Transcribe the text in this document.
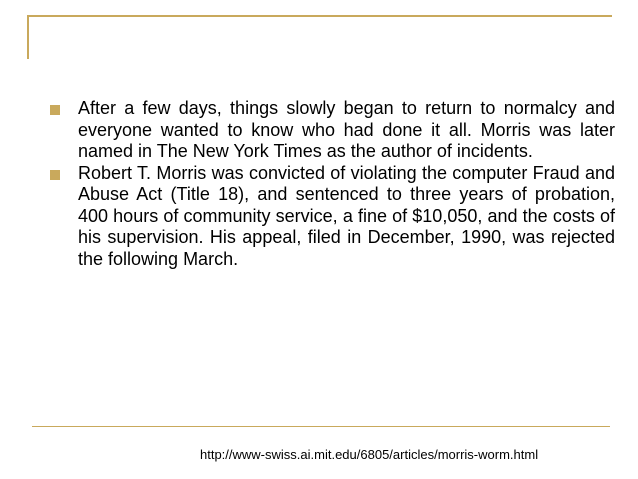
After a few days, things slowly began to return to normalcy and everyone wanted to know who had done it all. Morris was later named in The New York Times as the author of incidents.
Robert T. Morris was convicted of violating the computer Fraud and Abuse Act (Title 18), and sentenced to three years of probation, 400 hours of community service, a fine of $10,050, and the costs of his supervision. His appeal, filed in December, 1990, was rejected the following March.
http://www-swiss.ai.mit.edu/6805/articles/morris-worm.html
